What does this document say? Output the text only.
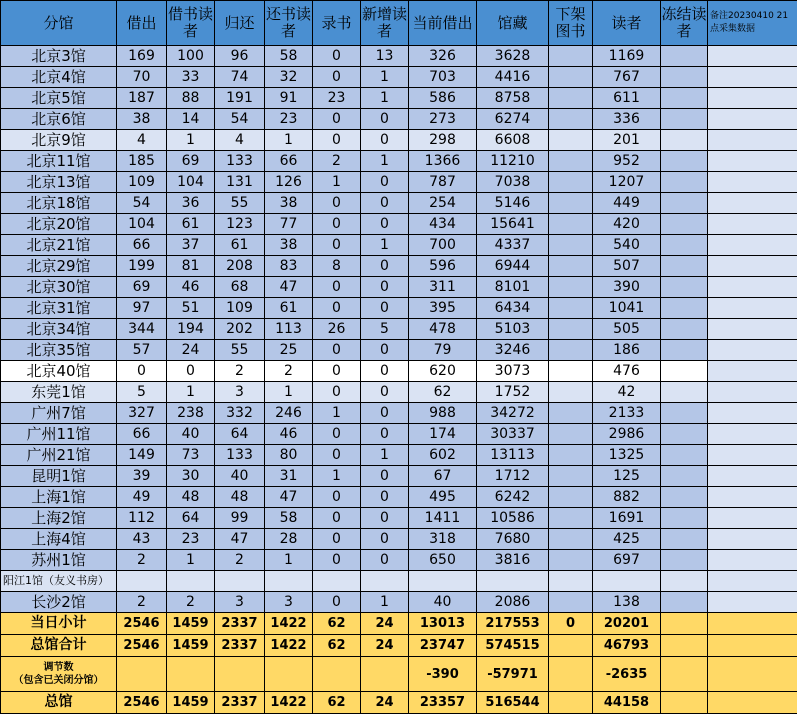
分馆	借出	借书读者	归还	还书读者	录书	新增读者	当前借出	馆藏	下架图书	读者	冻结读者	备注20230410 21点采集数据
北京3馆	169	100	96	58	0	13	326	3628		1169		
北京4馆	70	33	74	32	0	1	703	4416		767		
北京5馆	187	88	191	91	23	1	586	8758		611		
北京6馆	38	14	54	23	0	0	273	6274		336		
北京9馆	4	1	4	1	0	0	298	6608		201		
北京11馆	185	69	133	66	2	1	1366	11210		952		
北京13馆	109	104	131	126	1	0	787	7038		1207		
北京18馆	54	36	55	38	0	0	254	5146		449		
北京20馆	104	61	123	77	0	0	434	15641		420		
北京21馆	66	37	61	38	0	1	700	4337		540		
北京29馆	199	81	208	83	8	0	596	6944		507		
北京30馆	69	46	68	47	0	0	311	8101		390		
北京31馆	97	51	109	61	0	0	395	6434		1041		
北京34馆	344	194	202	113	26	5	478	5103		505		
北京35馆	57	24	55	25	0	0	79	3246		186		
北京40馆	0	0	2	2	0	0	620	3073		476		
东莞1馆	5	1	3	1	0	0	62	1752		42		
广州7馆	327	238	332	246	1	0	988	34272		2133		
广州11馆	66	40	64	46	0	0	174	30337		2986		
广州21馆	149	73	133	80	0	1	602	13113		1325		
昆明1馆	39	30	40	31	1	0	67	1712		125		
上海1馆	49	48	48	47	0	0	495	6242		882		
上海2馆	112	64	99	58	0	0	1411	10586		1691		
上海4馆	43	23	47	28	0	0	318	7680		425		
苏州1馆	2	1	2	1	0	0	650	3816		697		
阳江1馆（友义书房）												
长沙2馆	2	2	3	3	0	1	40	2086		138		
当日小计	2546	1459	2337	1422	62	24	13013	217553	0	20201		
总馆合计	2546	1459	2337	1422	62	24	23747	574515		46793		
调节数
（包含已关闭分馆）							-390	-57971		-2635		
总馆	2546	1459	2337	1422	62	24	23357	516544		44158		
